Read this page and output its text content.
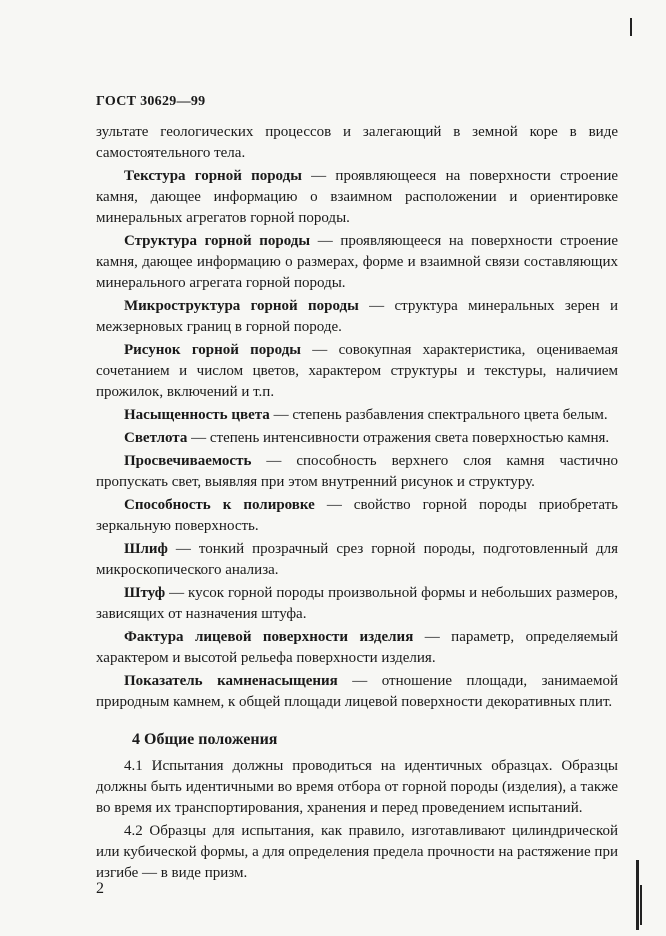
ГОСТ 30629—99

зультате геологических процессов и залегающий в земной коре в виде самостоятельного тела.

Текстура горной породы — проявляющееся на поверхности строение камня, дающее информацию о взаимном расположении и ориентировке минеральных агрегатов горной породы.

Структура горной породы — проявляющееся на поверхности строение камня, дающее информацию о размерах, форме и взаимной связи составляющих минерального агрегата горной породы.

Микроструктура горной породы — структура минеральных зерен и межзерновых границ в горной породе.

Рисунок горной породы — совокупная характеристика, оцениваемая сочетанием и числом цветов, характером структуры и текстуры, наличием прожилок, включений и т.п.

Насыщенность цвета — степень разбавления спектрального цвета белым.

Светлота — степень интенсивности отражения света поверхностью камня.

Просвечиваемость — способность верхнего слоя камня частично пропускать свет, выявляя при этом внутренний рисунок и структуру.

Способность к полировке — свойство горной породы приобретать зеркальную поверхность.

Шлиф — тонкий прозрачный срез горной породы, подготовленный для микроскопического анализа.

Штуф — кусок горной породы произвольной формы и небольших размеров, зависящих от назначения штуфа.

Фактура лицевой поверхности изделия — параметр, определяемый характером и высотой рельефа поверхности изделия.

Показатель камненасыщения — отношение площади, занимаемой природным камнем, к общей площади лицевой поверхности декоративных плит.

4 Общие положения

4.1 Испытания должны проводиться на идентичных образцах. Образцы должны быть идентичными во время отбора от горной породы (изделия), а также во время их транспортирования, хранения и перед проведением испытаний.

4.2 Образцы для испытания, как правило, изготавливают цилиндрической или кубической формы, а для определения предела прочности на растяжение при изгибе — в виде призм.

2
